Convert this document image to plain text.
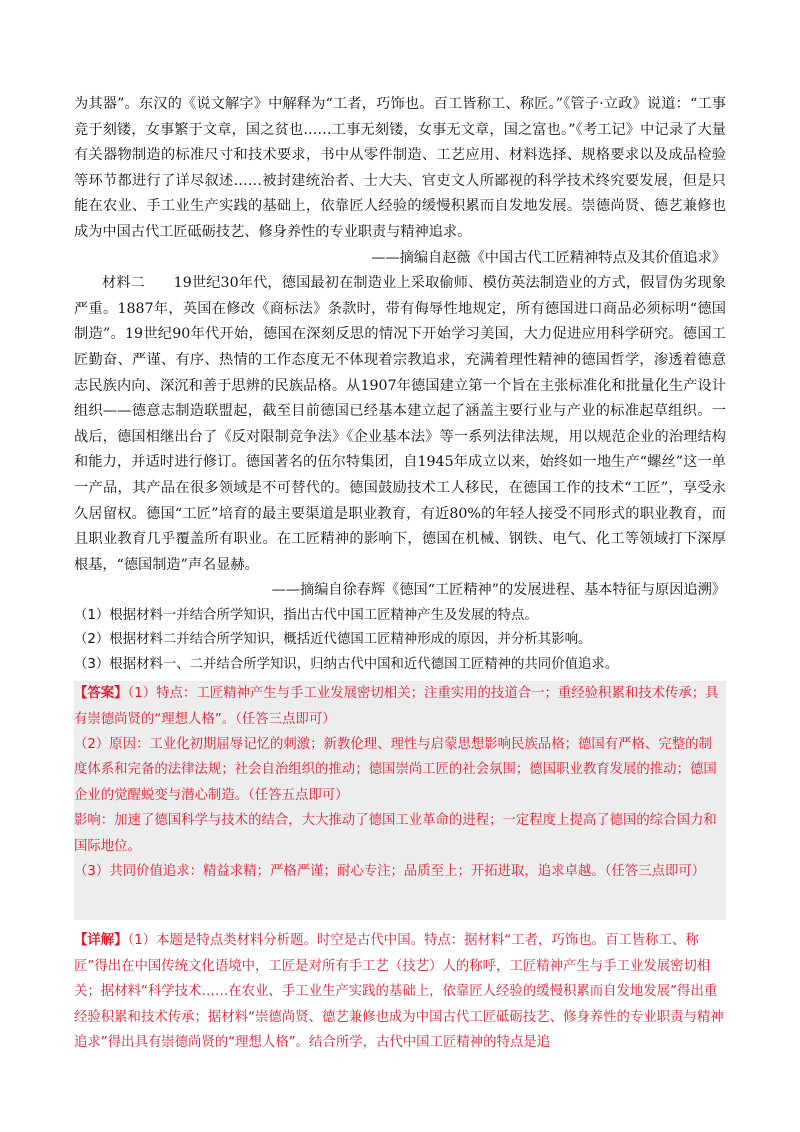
为其器”。东汉的《说文解字》中解释为“工者，巧饰也。百工皆称工、称匠。”《管子·立政》说道：“工事竞于刻镂，女事繁于文章，国之贫也……工事无刻镂，女事无文章，国之富也。”《考工记》中记录了大量有关器物制造的标准尺寸和技术要求，书中从零件制造、工艺应用、材料选择、规格要求以及成品检验等环节都进行了详尽叙述……被封建统治者、士大夫、官吏文人所鄙视的科学技术终究要发展，但是只能在农业、手工业生产实践的基础上，依靠匠人经验的缓慢积累而自发地发展。崇德尚贤、德艺兼修也成为中国古代工匠砥砺技艺、修身养性的专业职责与精神追求。

——摘编自赵薇《中国古代工匠精神特点及其价值追求》

材料二　　19世纪30年代，德国最初在制造业上采取偷师、模仿英法制造业的方式，假冒伪劣现象严重。1887年，英国在修改《商标法》条款时，带有侮辱性地规定，所有德国进口商品必须标明“德国制造”。19世纪90年代开始，德国在深刻反思的情况下开始学习美国，大力促进应用科学研究。德国工匠勤奋、严谨、有序、热情的工作态度无不体现着宗教追求，充满着理性精神的德国哲学，渗透着德意志民族内向、深沉和善于思辨的民族品格。从1907年德国建立第一个旨在主张标准化和批量化生产设计组织——德意志制造联盟起，截至目前德国已经基本建立起了涵盖主要行业与产业的标准起草组织。一战后，德国相继出台了《反对限制竞争法》《企业基本法》等一系列法律法规，用以规范企业的治理结构和能力，并适时进行修订。德国著名的伍尔特集团，自1945年成立以来，始终如一地生产“螺丝”这一单一产品，其产品在很多领域是不可替代的。德国鼓励技术工人移民，在德国工作的技术“工匠”，享受永久居留权。德国“工匠”培育的最主要渠道是职业教育，有近80%的年轻人接受不同形式的职业教育，而且职业教育几乎覆盖所有职业。在工匠精神的影响下，德国在机械、钢铁、电气、化工等领域打下深厚根基，“德国制造”声名显赫。

——摘编自徐春辉《德国“工匠精神”的发展进程、基本特征与原因追溯》

（1）根据材料一并结合所学知识，指出古代中国工匠精神产生及发展的特点。

（2）根据材料二并结合所学知识，概括近代德国工匠精神形成的原因，并分析其影响。

（3）根据材料一、二并结合所学知识，归纳古代中国和近代德国工匠精神的共同价值追求。

【答案】（1）特点：工匠精神产生与手工业发展密切相关；注重实用的技道合一；重经验积累和技术传承；具有崇德尚贤的“理想人格”。（任答三点即可）

（2）原因：工业化初期屈辱记忆的刺激；新教伦理、理性与启蒙思想影响民族品格；德国有严格、完整的制度体系和完备的法律法规；社会自治组织的推动；德国崇尚工匠的社会氛围；德国职业教育发展的推动；德国企业的觉醒蜕变与潜心制造。（任答五点即可）

影响：加速了德国科学与技术的结合，大大推动了德国工业革命的进程；一定程度上提高了德国的综合国力和国际地位。

（3）共同价值追求：精益求精；严格严谨；耐心专注；品质至上；开拓进取，追求卓越。（任答三点即可）

【详解】（1）本题是特点类材料分析题。时空是古代中国。特点：据材料“工者，巧饰也。百工皆称工、称匠”得出在中国传统文化语境中，工匠是对所有手工艺（技艺）人的称呼，工匠精神产生与手工业发展密切相关；据材料“科学技术……在农业、手工业生产实践的基础上，依靠匠人经验的缓慢积累而自发地发展”得出重经验积累和技术传承；据材料“崇德尚贤、德艺兼修也成为中国古代工匠砥砺技艺、修身养性的专业职责与精神追求”得出具有崇德尚贤的“理想人格”。结合所学，古代中国工匠精神的特点是追
